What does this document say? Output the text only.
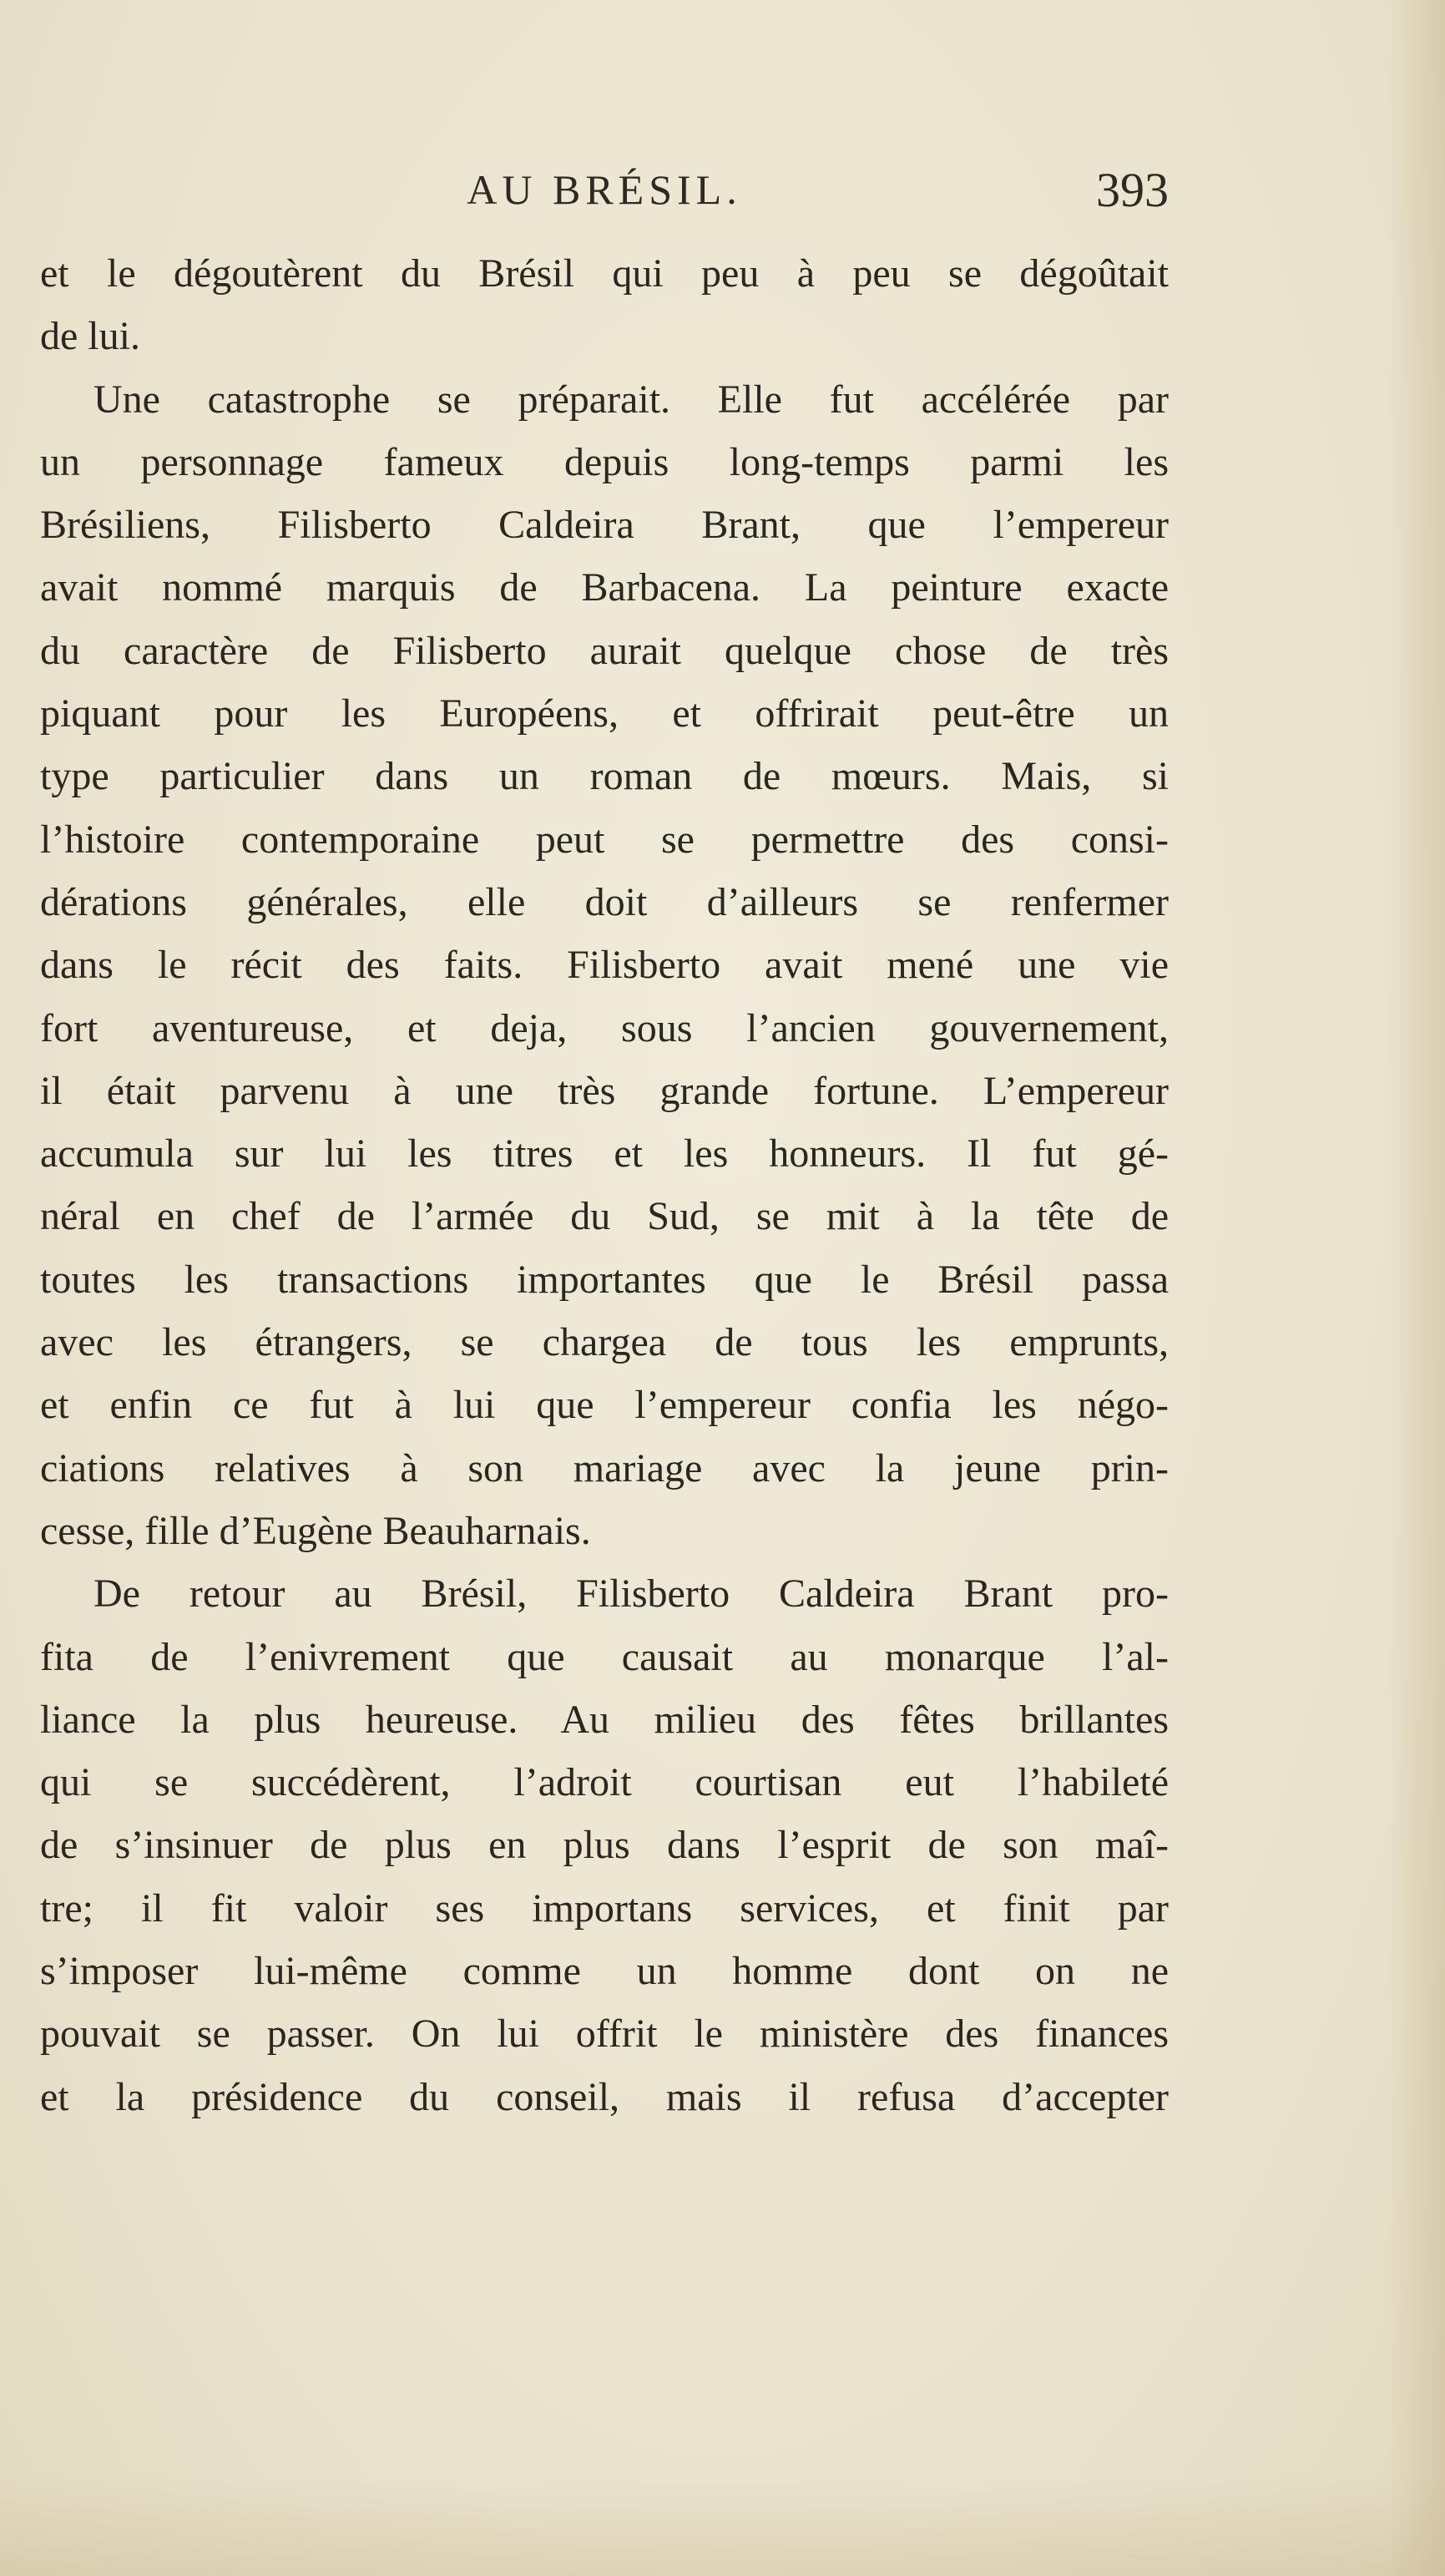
AU BRÉSIL.	393
et le dégoutèrent du Brésil qui peu à peu se dégoûtait
de lui.
Une catastrophe se préparait. Elle fut accélérée par
un personnage fameux depuis long-temps parmi les
Brésiliens, Filisberto Caldeira Brant, que l’empereur
avait nommé marquis de Barbacena. La peinture exacte
du caractère de Filisberto aurait quelque chose de très
piquant pour les Européens, et offrirait peut-être un
type particulier dans un roman de mœurs. Mais, si
l’histoire contemporaine peut se permettre des consi-
dérations générales, elle doit d’ailleurs se renfermer
dans le récit des faits. Filisberto avait mené une vie
fort aventureuse, et deja, sous l’ancien gouvernement,
il était parvenu à une très grande fortune. L’empereur
accumula sur lui les titres et les honneurs. Il fut gé-
néral en chef de l’armée du Sud, se mit à la tête de
toutes les transactions importantes que le Brésil passa
avec les étrangers, se chargea de tous les emprunts,
et enfin ce fut à lui que l’empereur confia les négo-
ciations relatives à son mariage avec la jeune prin-
cesse, fille d’Eugène Beauharnais.
De retour au Brésil, Filisberto Caldeira Brant pro-
fita de l’enivrement que causait au monarque l’al-
liance la plus heureuse. Au milieu des fêtes brillantes
qui se succédèrent, l’adroit courtisan eut l’habileté
de s’insinuer de plus en plus dans l’esprit de son maî-
tre; il fit valoir ses importans services, et finit par
s’imposer lui-même comme un homme dont on ne
pouvait se passer. On lui offrit le ministère des finances
et la présidence du conseil, mais il refusa d’accepter
